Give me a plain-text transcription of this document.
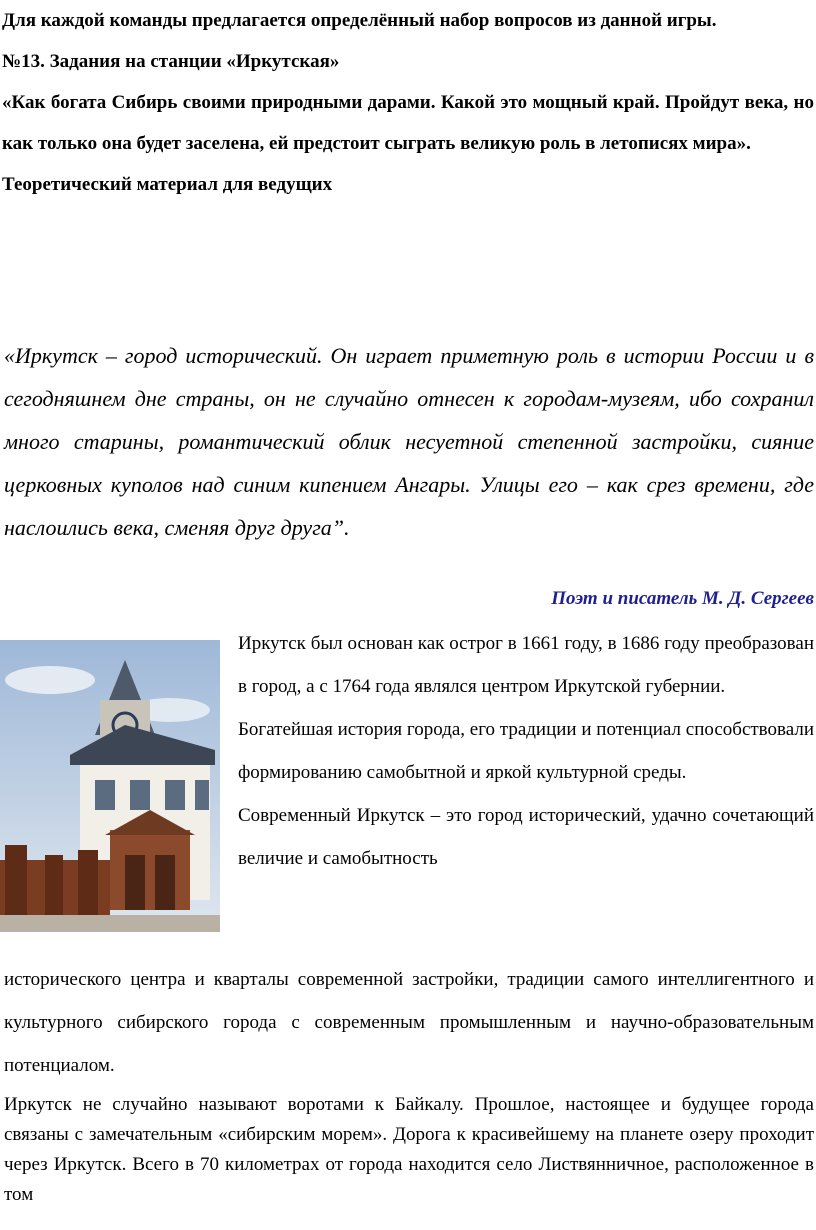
Для каждой команды предлагается определённый набор вопросов из данной игры.

№13. Задания на станции «Иркутская»

«Как богата Сибирь своими природными дарами. Какой это мощный край. Пройдут века, но как только она будет заселена, ей предстоит сыграть великую роль в летописях мира».

Теоретический материал для ведущих

«Иркутск – город исторический. Он играет приметную роль в истории России и в сегодняшнем дне страны, он не случайно отнесен к городам-музеям, ибо сохранил много старины, романтический облик несуетной степенной застройки, сияние церковных куполов над синим кипением Ангары. Улицы его – как срез времени, где наслоились века, сменяя друг друга”.

Поэт и писатель М. Д. Сергеев

Иркутск был основан как острог в 1661 году, в 1686 году преобразован в город, а с 1764 года являлся центром Иркутской губернии.

Богатейшая история города, его традиции и потенциал способствовали формированию самобытной и яркой культурной среды.

Современный Иркутск – это город исторический, удачно сочетающий величие и самобытность

исторического центра и кварталы современной застройки, традиции самого интеллигентного и культурного сибирского города с современным промышленным и научно-образовательным потенциалом.

Иркутск не случайно называют воротами к Байкалу. Прошлое, настоящее и будущее города связаны с замечательным «сибирским морем». Дорога к красивейшему на планете озеру проходит через Иркутск. Всего в 70 километрах от города находится село Листвянничное, расположенное в том
